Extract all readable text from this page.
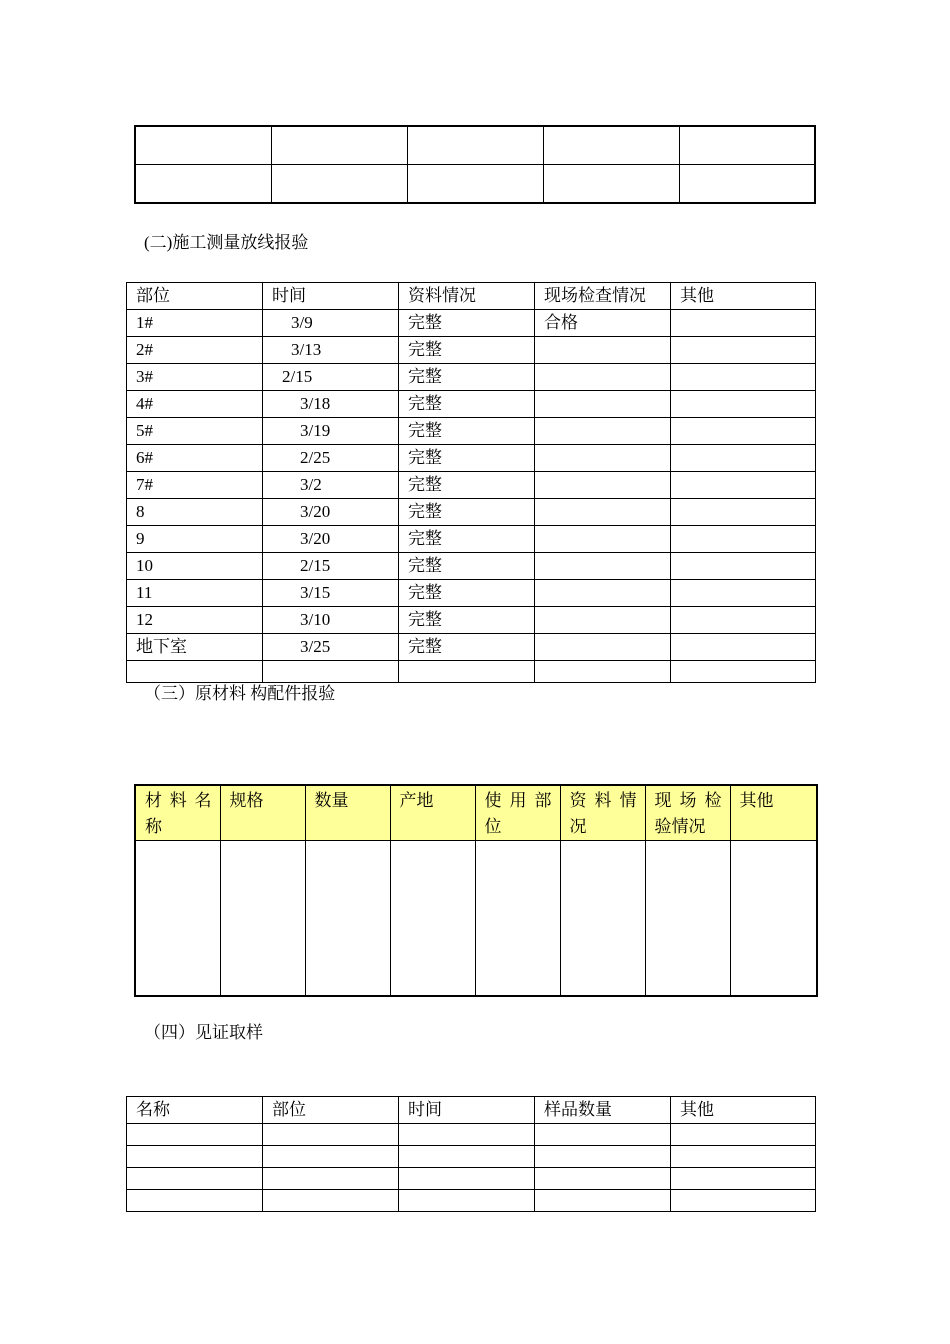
(二)施工测量放线报验
部位	时间	资料情况	现场检查情况	其他
1#	3/9	完整	合格	
2#	3/13	完整		
3#	2/15	完整		
4#	3/18	完整		
5#	3/19	完整		
6#	2/25	完整		
7#	3/2	完整		
8	3/20	完整		
9	3/20	完整		
10	2/15	完整		
11	3/15	完整		
12	3/10	完整		
地下室	3/25	完整		

（三）原材料 构配件报验
材 料 名 称	规格	数量	产地	使 用 部 位	资 料 情 况	现 场 检 验情况	其他

（四）见证取样
名称	部位	时间	样品数量	其他
